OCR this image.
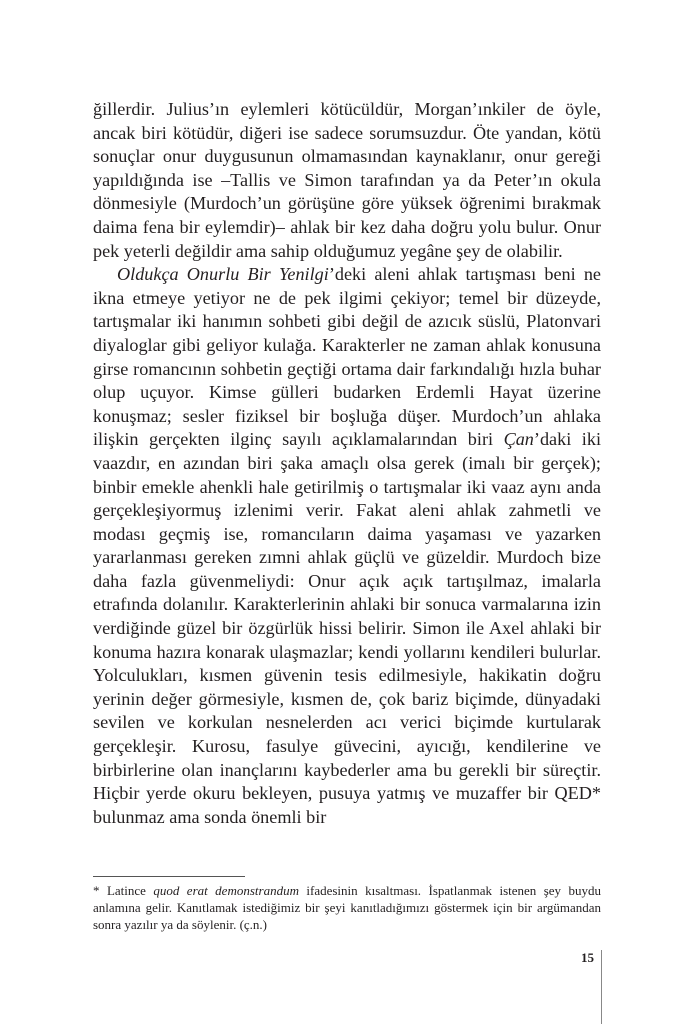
ğillerdir. Julius’ın eylemleri kötücüldür, Morgan’ınkiler de öyle, ancak biri kötüdür, diğeri ise sadece sorumsuzdur. Öte yandan, kötü sonuçlar onur duygusunun olmamasından kaynaklanır, onur gereği yapıldığında ise –Tallis ve Simon tarafından ya da Peter’ın okula dönmesiyle (Murdoch’un görüşüne göre yüksek öğrenimi bırakmak daima fena bir eylemdir)– ahlak bir kez daha doğru yolu bulur. Onur pek yeterli değildir ama sahip olduğumuz yegâne şey de olabilir.

Oldukça Onurlu Bir Yenilgi’deki aleni ahlak tartışması beni ne ikna etmeye yetiyor ne de pek ilgimi çekiyor; temel bir düzeyde, tartışmalar iki hanımın sohbeti gibi değil de azıcık süslü, Platonvari diyaloglar gibi geliyor kulağa. Karakterler ne zaman ahlak konusuna girse romancının sohbetin geçtiği ortama dair farkındalığı hızla buhar olup uçuyor. Kimse gülleri budarken Erdemli Hayat üzerine konuşmaz; sesler fiziksel bir boşluğa düşer. Murdoch’un ahlaka ilişkin gerçekten ilginç sayılı açıklamalarından biri Çan’daki iki vaazdır, en azından biri şaka amaçlı olsa gerek (imalı bir gerçek); binbir emekle ahenkli hale getirilmiş o tartışmalar iki vaaz aynı anda gerçekleşiyormuş izlenimi verir. Fakat aleni ahlak zahmetli ve modası geçmiş ise, romancıların daima yaşaması ve yazarken yararlanması gereken zımni ahlak güçlü ve güzeldir. Murdoch bize daha fazla güvenmeliydi: Onur açık açık tartışılmaz, imalarla etrafında dolanılır. Karakterlerinin ahlaki bir sonuca varmalarına izin verdiğinde güzel bir özgürlük hissi belirir. Simon ile Axel ahlaki bir konuma hazıra konarak ulaşmazlar; kendi yollarını kendileri bulurlar. Yolculukları, kısmen güvenin tesis edilmesiyle, hakikatin doğru yerinin değer görmesiyle, kısmen de, çok bariz biçimde, dünyadaki sevilen ve korkulan nesnelerden acı verici biçimde kurtularak gerçekleşir. Kurosu, fasulye güvecini, ayıcığı, kendilerine ve birbirlerine olan inançlarını kaybederler ama bu gerekli bir süreçtir. Hiçbir yerde okuru bekleyen, pusuya yatmış ve muzaffer bir QED* bulunmaz ama sonda önemli bir

* Latince quod erat demonstrandum ifadesinin kısaltması. İspatlanmak istenen şey buydu anlamına gelir. Kanıtlamak istediğimiz bir şeyi kanıtladığımızı göstermek için bir argümandan sonra yazılır ya da söylenir. (ç.n.)

15
